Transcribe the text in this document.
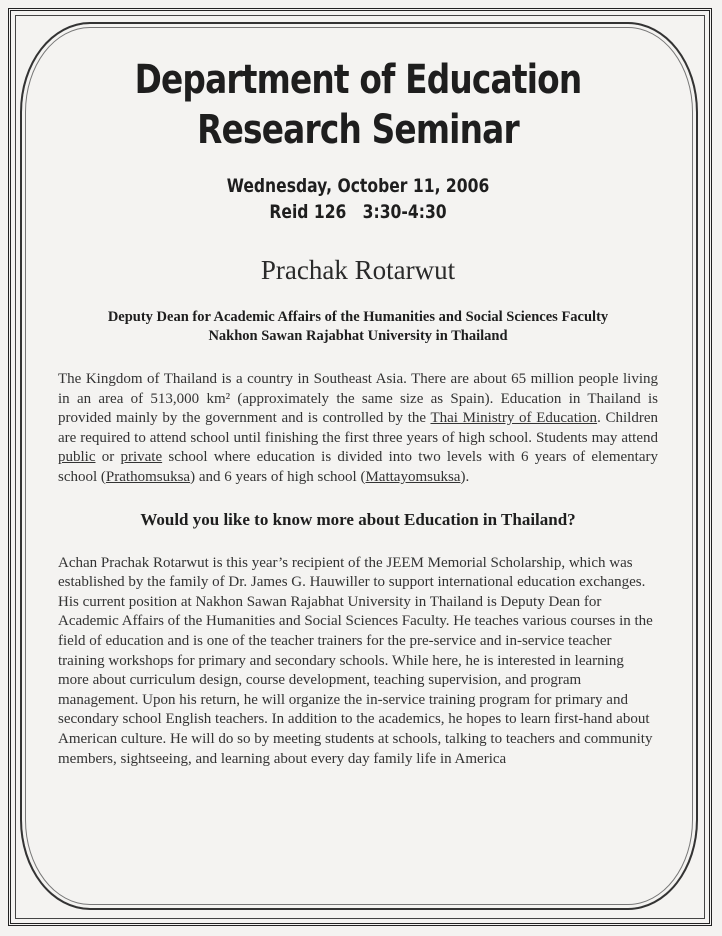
Department of Education
Research Seminar
Wednesday, October 11, 2006
Reid 126   3:30-4:30
Prachak Rotarwut
Deputy Dean for Academic Affairs of the Humanities and Social Sciences Faculty
Nakhon Sawan Rajabhat University in Thailand

The Kingdom of Thailand is a country in Southeast Asia. There are about 65 million people living in an area of 513,000 km² (approximately the same size as Spain). Education in Thailand is provided mainly by the government and is controlled by the Thai Ministry of Education. Children are required to attend school until finishing the first three years of high school. Students may attend public or private school where education is divided into two levels with 6 years of elementary school (Prathomsuksa) and 6 years of high school (Mattayomsuksa).

Would you like to know more about Education in Thailand?

Achan Prachak Rotarwut is this year’s recipient of the JEEM Memorial Scholarship, which was established by the family of Dr. James G. Hauwiller to support international education exchanges. His current position at Nakhon Sawan Rajabhat University in Thailand is Deputy Dean for Academic Affairs of the Humanities and Social Sciences Faculty. He teaches various courses in the field of education and is one of the teacher trainers for the pre-service and in-service teacher training workshops for primary and secondary schools. While here, he is interested in learning more about curriculum design, course development, teaching supervision, and program management. Upon his return, he will organize the in-service training program for primary and secondary school English teachers. In addition to the academics, he hopes to learn first-hand about American culture. He will do so by meeting students at schools, talking to teachers and community members, sightseeing, and learning about every day family life in America
